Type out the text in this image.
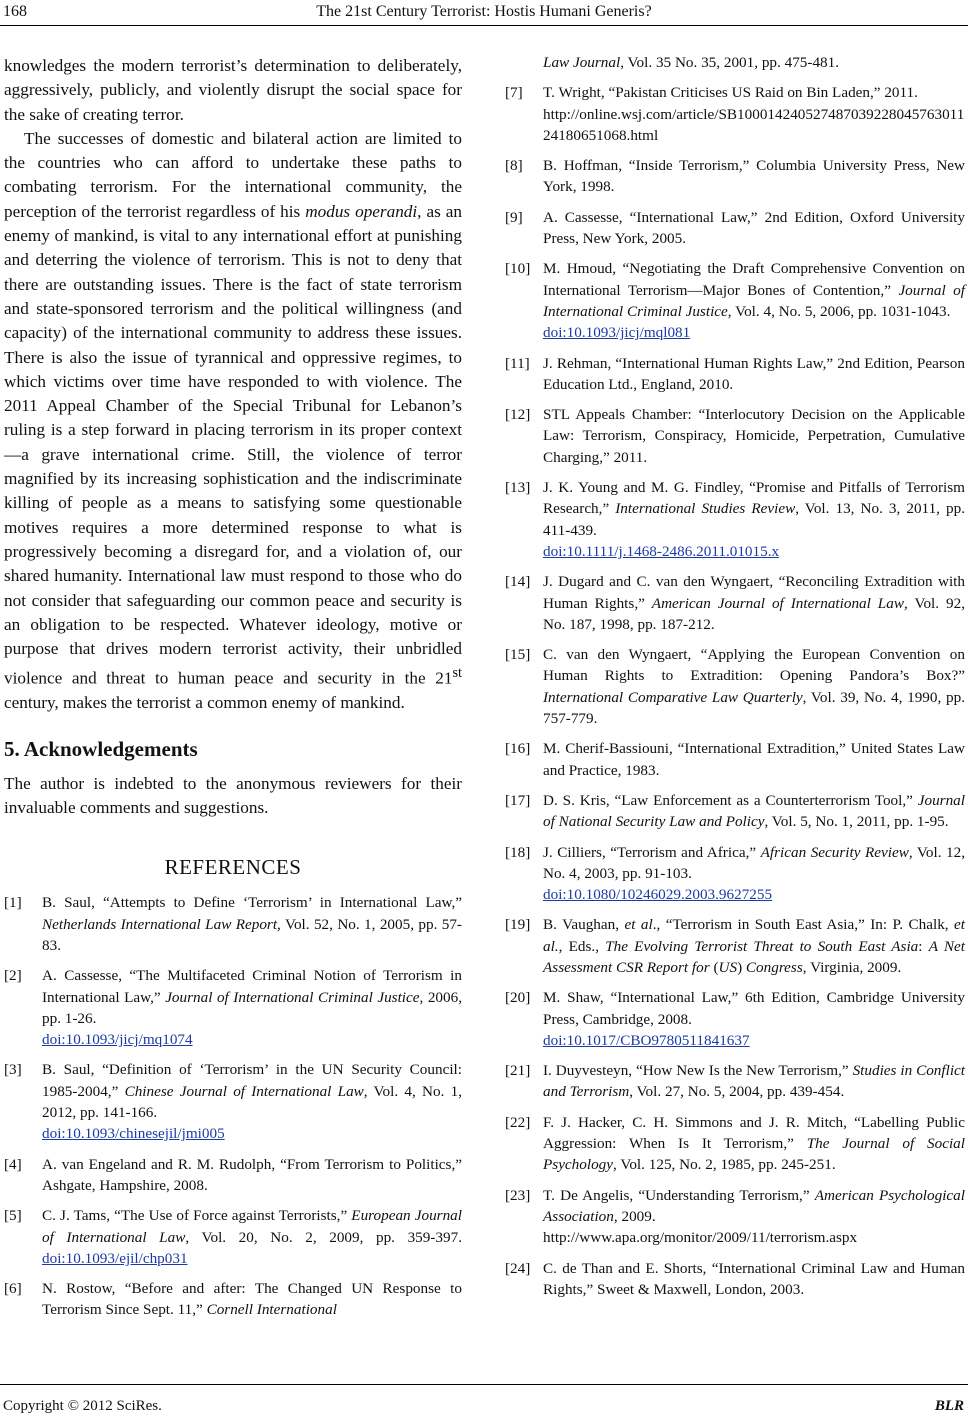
168	The 21st Century Terrorist: Hostis Humani Generis?

knowledges the modern terrorist’s determination to deliberately, aggressively, publicly, and violently disrupt the social space for the sake of creating terror.

The successes of domestic and bilateral action are limited to the countries who can afford to undertake these paths to combating terrorism. For the international community, the perception of the terrorist regardless of his modus operandi, as an enemy of mankind, is vital to any international effort at punishing and deterring the violence of terrorism. This is not to deny that there are outstanding issues. There is the fact of state terrorism and state-sponsored terrorism and the political willingness (and capacity) of the international community to address these issues. There is also the issue of tyrannical and oppressive regimes, to which victims over time have responded to with violence. The 2011 Appeal Chamber of the Special Tribunal for Lebanon’s ruling is a step forward in placing terrorism in its proper context—a grave international crime. Still, the violence of terror magnified by its increasing sophistication and the indiscriminate killing of people as a means to satisfying some questionable motives requires a more determined response to what is progressively becoming a disregard for, and a violation of, our shared humanity. International law must respond to those who do not consider that safeguarding our common peace and security is an obligation to be respected. Whatever ideology, motive or purpose that drives modern terrorist activity, their unbridled violence and threat to human peace and security in the 21st century, makes the terrorist a common enemy of mankind.

5. Acknowledgements

The author is indebted to the anonymous reviewers for their invaluable comments and suggestions.

REFERENCES
[1]	B. Saul, “Attempts to Define ‘Terrorism’ in International Law,” Netherlands International Law Report, Vol. 52, No. 1, 2005, pp. 57-83.
[2]	A. Cassesse, “The Multifaceted Criminal Notion of Terrorism in International Law,” Journal of International Criminal Justice, 2006, pp. 1-26.
doi:10.1093/jicj/mq1074
[3]	B. Saul, “Definition of ‘Terrorism’ in the UN Security Council: 1985-2004,” Chinese Journal of International Law, Vol. 4, No. 1, 2012, pp. 141-166.
doi:10.1093/chinesejil/jmi005
[4]	A. van Engeland and R. M. Rudolph, “From Terrorism to Politics,” Ashgate, Hampshire, 2008.
[5]	C. J. Tams, “The Use of Force against Terrorists,” European Journal of International Law, Vol. 20, No. 2, 2009, pp. 359-397. doi:10.1093/ejil/chp031
[6]	N. Rostow, “Before and after: The Changed UN Response to Terrorism Since Sept. 11,” Cornell International
Law Journal, Vol. 35 No. 35, 2001, pp. 475-481.
[7]	T. Wright, “Pakistan Criticises US Raid on Bin Laden,” 2011.
http://online.wsj.com/article/SB10001424052748703922804576301124180651068.html
[8]	B. Hoffman, “Inside Terrorism,” Columbia University Press, New York, 1998.
[9]	A. Cassesse, “International Law,” 2nd Edition, Oxford University Press, New York, 2005.
[10] M. Hmoud, “Negotiating the Draft Comprehensive Convention on International Terrorism—Major Bones of Contention,” Journal of International Criminal Justice, Vol. 4, No. 5, 2006, pp. 1031-1043.
doi:10.1093/jicj/mql081
[11] J. Rehman, “International Human Rights Law,” 2nd Edition, Pearson Education Ltd., England, 2010.
[12] STL Appeals Chamber: “Interlocutory Decision on the Applicable Law: Terrorism, Conspiracy, Homicide, Perpetration, Cumulative Charging,” 2011.
[13] J. K. Young and M. G. Findley, “Promise and Pitfalls of Terrorism Research,” International Studies Review, Vol. 13, No. 3, 2011, pp. 411-439.
doi:10.1111/j.1468-2486.2011.01015.x
[14] J. Dugard and C. van den Wyngaert, “Reconciling Extradition with Human Rights,” American Journal of International Law, Vol. 92, No. 187, 1998, pp. 187-212.
[15] C. van den Wyngaert, “Applying the European Convention on Human Rights to Extradition: Opening Pandora’s Box?” International Comparative Law Quarterly, Vol. 39, No. 4, 1990, pp. 757-779.
[16] M. Cherif-Bassiouni, “International Extradition,” United States Law and Practice, 1983.
[17] D. S. Kris, “Law Enforcement as a Counterterrorism Tool,” Journal of National Security Law and Policy, Vol. 5, No. 1, 2011, pp. 1-95.
[18] J. Cilliers, “Terrorism and Africa,” African Security Review, Vol. 12, No. 4, 2003, pp. 91-103.
doi:10.1080/10246029.2003.9627255
[19] B. Vaughan, et al., “Terrorism in South East Asia,” In: P. Chalk, et al., Eds., The Evolving Terrorist Threat to South East Asia: A Net Assessment CSR Report for (US) Congress, Virginia, 2009.
[20] M. Shaw, “International Law,” 6th Edition, Cambridge University Press, Cambridge, 2008.
doi:10.1017/CBO9780511841637
[21] I. Duyvesteyn, “How New Is the New Terrorism,” Studies in Conflict and Terrorism, Vol. 27, No. 5, 2004, pp. 439-454.
[22] F. J. Hacker, C. H. Simmons and J. R. Mitch, “Labelling Public Aggression: When Is It Terrorism,” The Journal of Social Psychology, Vol. 125, No. 2, 1985, pp. 245-251.
[23] T. De Angelis, “Understanding Terrorism,” American Psychological Association, 2009.
http://www.apa.org/monitor/2009/11/terrorism.aspx
[24] C. de Than and E. Shorts, “International Criminal Law and Human Rights,” Sweet & Maxwell, London, 2003.
Copyright © 2012 SciRes.	BLR
